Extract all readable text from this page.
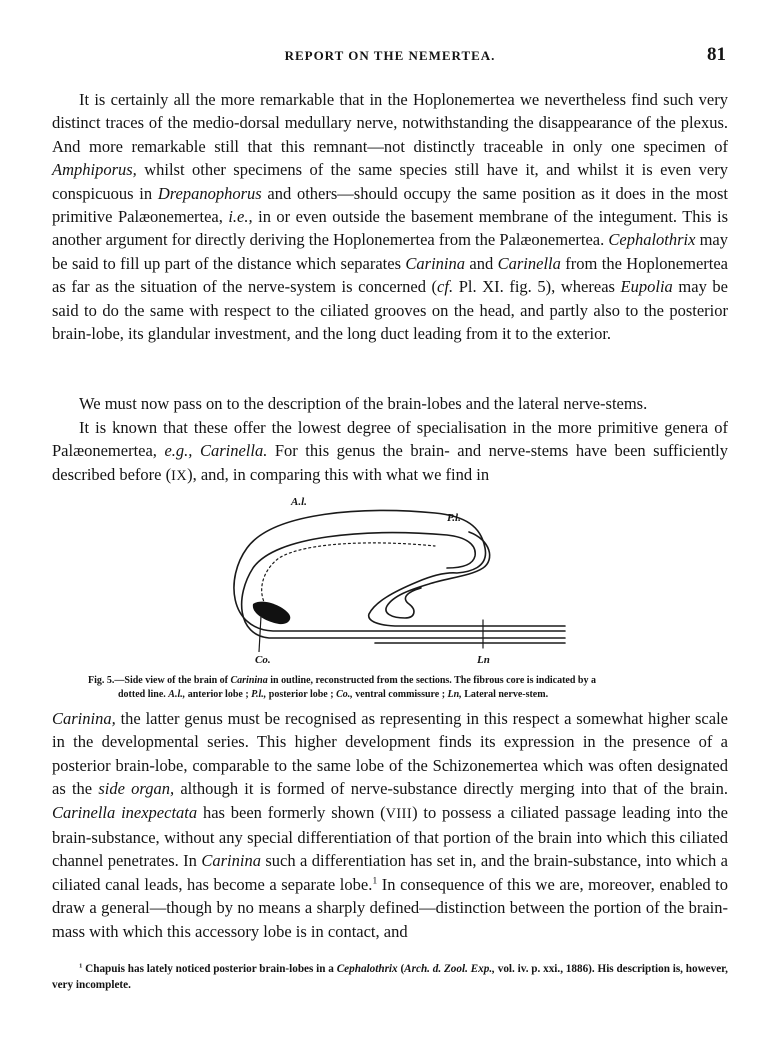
REPORT ON THE NEMERTEA.	81

It is certainly all the more remarkable that in the Hoplonemertea we nevertheless find such very distinct traces of the medio-dorsal medullary nerve, notwithstanding the disappearance of the plexus. And more remarkable still that this remnant—not distinctly traceable in only one specimen of Amphiporus, whilst other specimens of the same species still have it, and whilst it is even very conspicuous in Drepanophorus and others—should occupy the same position as it does in the most primitive Palæonemertea, i.e., in or even outside the basement membrane of the integument. This is another argument for directly deriving the Hoplonemertea from the Palæonemertea. Cephalothrix may be said to fill up part of the distance which separates Carinina and Carinella from the Hoplonemertea as far as the situation of the nerve-system is concerned (cf. Pl. XI. fig. 5), whereas Eupolia may be said to do the same with respect to the ciliated grooves on the head, and partly also to the posterior brain-lobe, its glandular investment, and the long duct leading from it to the exterior.

We must now pass on to the description of the brain-lobes and the lateral nerve-stems.

It is known that these offer the lowest degree of specialisation in the more primitive genera of Palæonemertea, e.g., Carinella. For this genus the brain- and nerve-stems have been sufficiently described before (IX), and, in comparing this with what we find in

A.l.
P.l.
Co.	Ln

Fig. 5.—Side view of the brain of Carinina in outline, reconstructed from the sections. The fibrous core is indicated by a
dotted line. A.l., anterior lobe ; P.l., posterior lobe ; Co., ventral commissure ; Ln, Lateral nerve-stem.

Carinina, the latter genus must be recognised as representing in this respect a somewhat higher scale in the developmental series. This higher development finds its expression in the presence of a posterior brain-lobe, comparable to the same lobe of the Schizonemertea which was often designated as the side organ, although it is formed of nerve-substance directly merging into that of the brain. Carinella inexpectata has been formerly shown (VIII) to possess a ciliated passage leading into the brain-substance, without any special differentiation of that portion of the brain into which this ciliated channel penetrates. In Carinina such a differentiation has set in, and the brain-substance, into which a ciliated canal leads, has become a separate lobe.$^1$ In consequence of this we are, moreover, enabled to draw a general—though by no means a sharply defined—distinction between the portion of the brain-mass with which this accessory lobe is in contact, and

$^1$ Chapuis has lately noticed posterior brain-lobes in a Cephalothrix (Arch. d. Zool. Exp., vol. iv. p. xxi., 1886). His description is, however, very incomplete.
